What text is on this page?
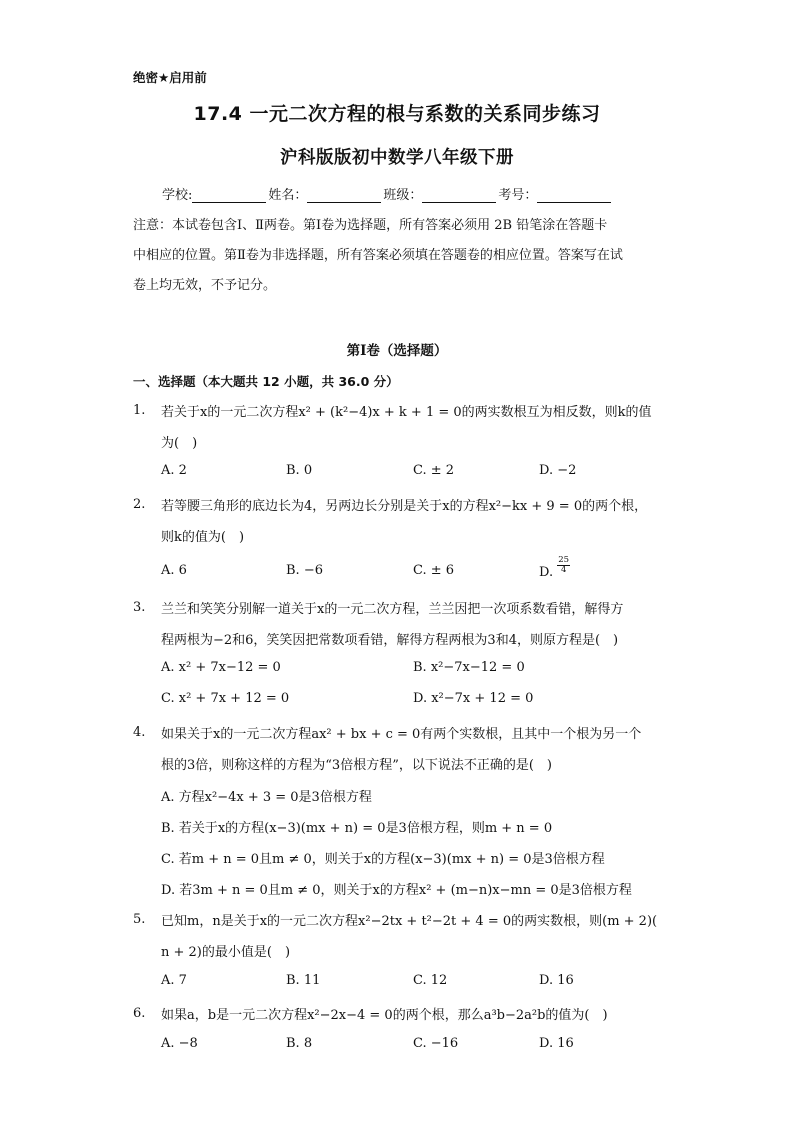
绝密★启用前
17.4 一元二次方程的根与系数的关系同步练习
沪科版版初中数学八年级下册
学校:	姓名：	班级：	考号：
注意：本试卷包含Ⅰ、Ⅱ两卷。第Ⅰ卷为选择题，所有答案必须用 2B 铅笔涂在答题卡
中相应的位置。第Ⅱ卷为非选择题，所有答案必须填在答题卷的相应位置。答案写在试
卷上均无效，不予记分。
第Ⅰ卷（选择题）
一、选择题（本大题共 12 小题，共 36.0 分）
1. 若关于x的一元二次方程x² + (k²−4)x + k + 1 = 0的两实数根互为相反数，则k的值
为(　)
A. 2	B. 0	C. ± 2	D. −2
2. 若等腰三角形的底边长为4，另两边长分别是关于x的方程x²−kx + 9 = 0的两个根，
则k的值为(　)
A. 6	B. −6	C. ± 6	D. $\frac{25}{4}$
3. 兰兰和笑笑分别解一道关于x的一元二次方程，兰兰因把一次项系数看错，解得方
程两根为−2和6，笑笑因把常数项看错，解得方程两根为3和4，则原方程是(　)
A. x² + 7x−12 = 0	B. x²−7x−12 = 0
C. x² + 7x + 12 = 0	D. x²−7x + 12 = 0
4. 如果关于x的一元二次方程ax² + bx + c = 0有两个实数根，且其中一个根为另一个
根的3倍，则称这样的方程为“3倍根方程”，以下说法不正确的是(　)
A. 方程x²−4x + 3 = 0是3倍根方程
B. 若关于x的方程(x−3)(mx + n) = 0是3倍根方程，则m + n = 0
C. 若m + n = 0且m ≠ 0，则关于x的方程(x−3)(mx + n) = 0是3倍根方程
D. 若3m + n = 0且m ≠ 0，则关于x的方程x² + (m−n)x−mn = 0是3倍根方程
5. 已知m，n是关于x的一元二次方程x²−2tx + t²−2t + 4 = 0的两实数根，则(m + 2)(
n + 2)的最小值是(　)
A. 7	B. 11	C. 12	D. 16
6. 如果a，b是一元二次方程x²−2x−4 = 0的两个根，那么a³b−2a²b的值为(　)
A. −8	B. 8	C. −16	D. 16
